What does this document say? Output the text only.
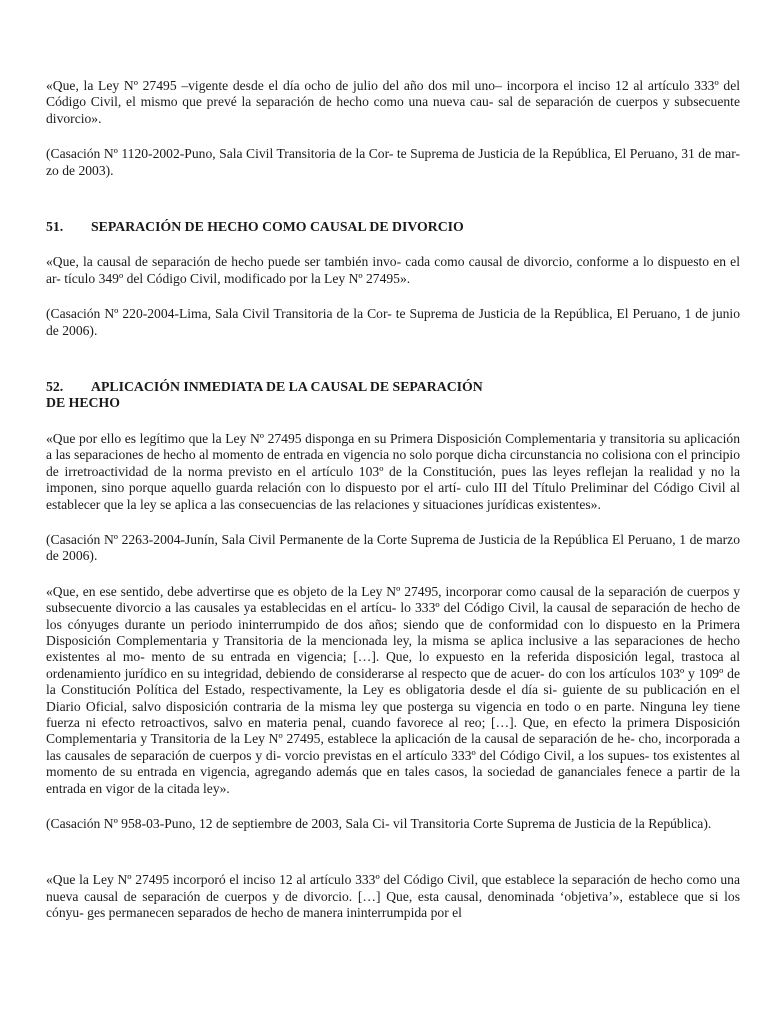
«Que, la Ley Nº 27495 –vigente desde el día ocho de julio del año dos mil uno– incorpora el inciso 12 al artículo 333º del Código Civil, el mismo que prevé la separación de hecho como una nueva cau- sal de separación de cuerpos y subsecuente divorcio».

(Casación Nº 1120-2002-Puno, Sala Civil Transitoria de la Cor- te Suprema de Justicia de la República, El Peruano, 31 de mar- zo de 2003).

51.	SEPARACIÓN DE HECHO COMO CAUSAL DE DIVORCIO

«Que, la causal de separación de hecho puede ser también invo- cada como causal de divorcio, conforme a lo dispuesto en el ar- tículo 349º del Código Civil, modificado por la Ley Nº 27495».

(Casación Nº 220-2004-Lima, Sala Civil Transitoria de la Cor- te Suprema de Justicia de la República, El Peruano, 1 de junio de 2006).

52.	APLICACIÓN INMEDIATA DE LA CAUSAL DE SEPARACIÓN
DE HECHO

«Que por ello es legítimo que la Ley Nº 27495 disponga en su Primera Disposición Complementaria y transitoria su aplicación a las separaciones de hecho al momento de entrada en vigencia no solo porque dicha circunstancia no colisiona con el principio de irretroactividad de la norma previsto en el artículo 103º de la Constitución, pues las leyes reflejan la realidad y no la imponen, sino porque aquello guarda relación con lo dispuesto por el artí- culo III del Título Preliminar del Código Civil al establecer que la ley se aplica a las consecuencias de las relaciones y situaciones jurídicas existentes».

(Casación Nº 2263-2004-Junín, Sala Civil Permanente de la Corte Suprema de Justicia de la República El Peruano, 1 de marzo de 2006).

«Que, en ese sentido, debe advertirse que es objeto de la Ley Nº 27495, incorporar como causal de la separación de cuerpos y subsecuente divorcio a las causales ya establecidas en el artícu- lo 333º del Código Civil, la causal de separación de hecho de los cónyuges durante un periodo ininterrumpido de dos años; siendo que de conformidad con lo dispuesto en la Primera Disposición Complementaria y Transitoria de la mencionada ley, la misma se aplica inclusive a las separaciones de hecho existentes al mo- mento de su entrada en vigencia; […]. Que, lo expuesto en la referida disposición legal, trastoca al ordenamiento jurídico en su integridad, debiendo de considerarse al respecto que de acuer- do con los artículos 103º y 109º de la Constitución Política del Estado, respectivamente, la Ley es obligatoria desde el día si- guiente de su publicación en el Diario Oficial, salvo disposición contraria de la misma ley que posterga su vigencia en todo o en parte. Ninguna ley tiene fuerza ni efecto retroactivos, salvo en materia penal, cuando favorece al reo; […]. Que, en efecto la primera Disposición Complementaria y Transitoria de la Ley Nº 27495, establece la aplicación de la causal de separación de he- cho, incorporada a las causales de separación de cuerpos y di- vorcio previstas en el artículo 333º del Código Civil, a los supues- tos existentes al momento de su entrada en vigencia, agregando además que en tales casos, la sociedad de gananciales fenece a partir de la entrada en vigor de la citada ley».

(Casación Nº 958-03-Puno, 12 de septiembre de 2003, Sala Ci- vil Transitoria Corte Suprema de Justicia de la República).

«Que la Ley Nº 27495 incorporó el inciso 12 al artículo 333º del Código Civil, que establece la separación de hecho como una nueva causal de separación de cuerpos y de divorcio. […] Que, esta causal, denominada ‘objetiva’», establece que si los cónyu- ges permanecen separados de hecho de manera ininterrumpida por el
